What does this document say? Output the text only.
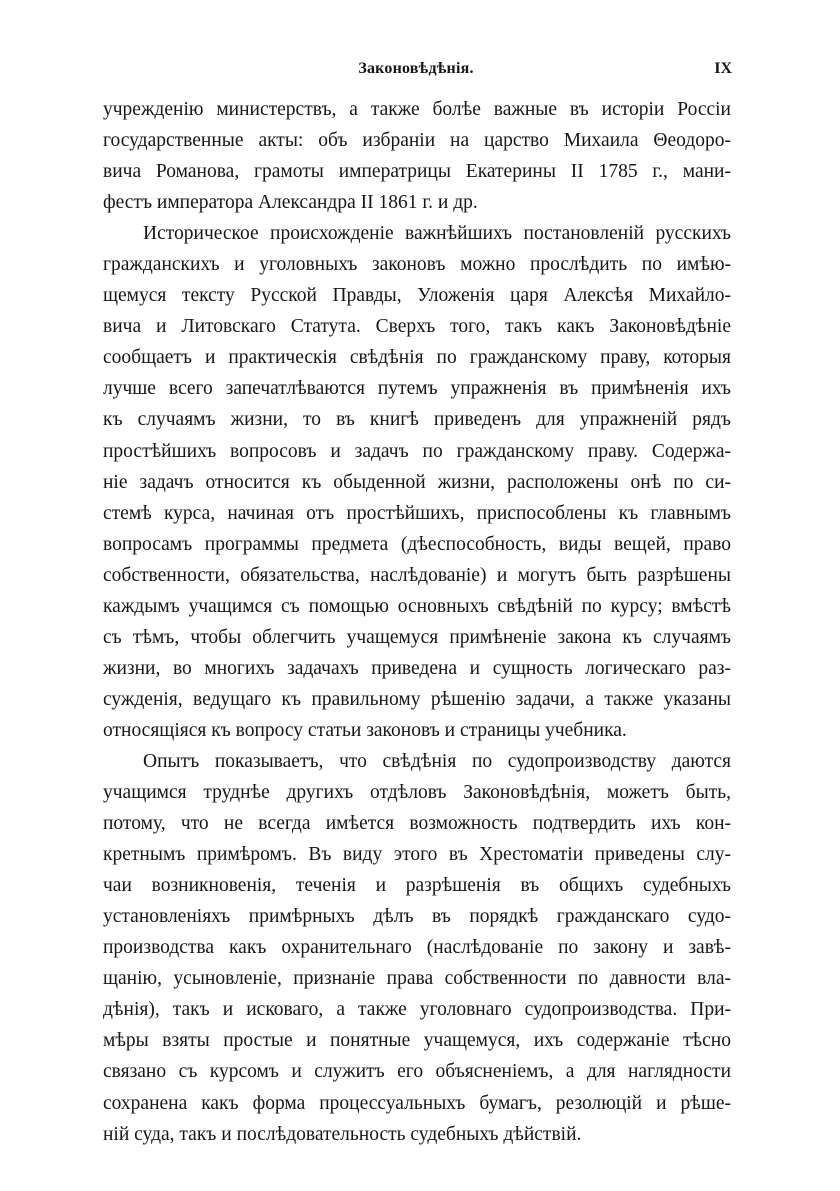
Законовѣдѣнія.	IX

учрежденію министерствъ, а также болѣе важные въ исторіи Россіи
государственные акты: объ избраніи на царство Михаила Θеодоро-
вича Романова, грамоты императрицы Екатерины II 1785 г., мани-
фестъ императора Александра II 1861 г. и др.

Историческое происхожденіе важнѣйшихъ постановленій русскихъ
гражданскихъ и уголовныхъ законовъ можно прослѣдить по имѣю-
щемуся тексту Русской Правды, Уложенія царя Алексѣя Михайло-
вича и Литовскаго Статута. Сверхъ того, такъ какъ Законовѣдѣніе
сообщаетъ и практическія свѣдѣнія по гражданскому праву, которыя
лучше всего запечатлѣваются путемъ упражненія въ примѣненія ихъ
къ случаямъ жизни, то въ книгѣ приведенъ для упражненій рядъ
простѣйшихъ вопросовъ и задачъ по гражданскому праву. Содержа-
ніе задачъ относится къ обыденной жизни, расположены онѣ по си-
стемѣ курса, начиная отъ простѣйшихъ, приспособлены къ главнымъ
вопросамъ программы предмета (дѣеспособность, виды вещей, право
собственности, обязательства, наслѣдованіе) и могутъ быть разрѣшены
каждымъ учащимся съ помощью основныхъ свѣдѣній по курсу; вмѣстѣ
съ тѣмъ, чтобы облегчить учащемуся примѣненіе закона къ случаямъ
жизни, во многихъ задачахъ приведена и сущность логическаго раз-
сужденія, ведущаго къ правильному рѣшенію задачи, а также указаны
относящіяся къ вопросу статьи законовъ и страницы учебника.

Опытъ показываетъ, что свѣдѣнія по судопроизводству даются
учащимся труднѣе другихъ отдѣловъ Законовѣдѣнія, можетъ быть,
потому, что не всегда имѣется возможность подтвердить ихъ кон-
кретнымъ примѣромъ. Въ виду этого въ Хрестоматіи приведены слу-
чаи возникновенія, теченія и разрѣшенія въ общихъ судебныхъ
установленіяхъ примѣрныхъ дѣлъ въ порядкѣ гражданскаго судо-
производства какъ охранительнаго (наслѣдованіе по закону и завѣ-
щанію, усыновленіе, признаніе права собственности по давности вла-
дѣнія), такъ и исковаго, а также уголовнаго судопроизводства. При-
мѣры взяты простые и понятные учащемуся, ихъ содержаніе тѣсно
связано съ курсомъ и служитъ его объясненіемъ, а для наглядности
сохранена какъ форма процессуальныхъ бумагъ, резолюцій и рѣше-
ній суда, такъ и послѣдовательность судебныхъ дѣйствій.
